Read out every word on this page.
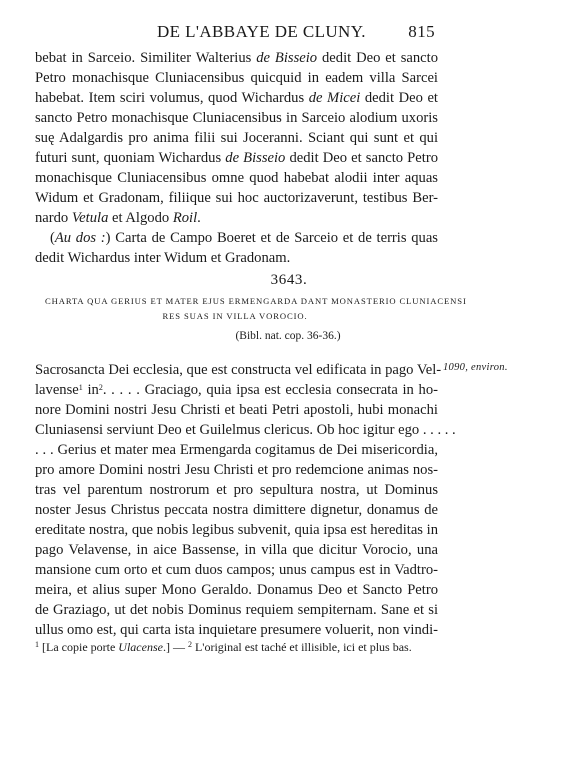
DE L'ABBAYE DE CLUNY. 815
bebat in Sarceio. Similiter Walterius de Bisseio dedit Deo et sancto
Petro monachisque Cluniacensibus quicquid in eadem villa Sarcei
habebat. Item sciri volumus, quod Wichardus de Micei dedit Deo et
sancto Petro monachisque Cluniacensibus in Sarceio alodium uxoris
suę Adalgardis pro anima filii sui Joceranni. Sciant qui sunt et qui
futuri sunt, quoniam Wichardus de Bisseio dedit Deo et sancto Petro
monachisque Cluniacensibus omne quod habebat alodii inter aquas
Widum et Gradonam, filiique sui hoc auctorizaverunt, testibus Ber-
nardo Vetula et Algodo Roil.
(Au dos :) Carta de Campo Boeret et de Sarceio et de terris quas
dedit Wichardus inter Widum et Gradonam.
3643.
CHARTA QUA GERIUS ET MATER EJUS ERMENGARDA DANT MONASTERIO CLUNIACENSI
RES SUAS IN VILLA VOROCIO.
(Bibl. nat. cop. 36-36.)
1090, environ.
Sacrosancta Dei ecclesia, que est constructa vel edificata in pago Vel-
lavense$^1$ $in^2$. . . . . Graciago, quia ipsa est ecclesia consecrata in ho-
nore Domini nostri Jesu Christi et beati Petri apostoli, hubi monachi
Cluniasensi serviunt Deo et Guilelmus clericus. Ob hoc igitur ego . . . . .
. . . Gerius et mater mea Ermengarda cogitamus de Dei misericordia,
pro amore Domini nostri Jesu Christi et pro redemcione animas nos-
tras vel parentum nostrorum et pro sepultura nostra, ut Dominus
noster Jesus Christus peccata nostra dimittere dignetur, donamus de
ereditate nostra, que nobis legibus subvenit, quia ipsa est hereditas in
pago Velavense, in aice Bassense, in villa que dicitur Vorocio, una
mansione cum orto et cum duos campos; unus campus est in Vadtro-
meira, et alius super Mono Geraldo. Donamus Deo et Sancto Petro
de Graziago, ut det nobis Dominus requiem sempiternam. Sane et si
ullus omo est, qui carta ista inquietare presumere voluerit, non vindi-
$^1$ [La copie porte Ulacense.] — $^2$ L'original est taché et illisible, ici et plus bas.
